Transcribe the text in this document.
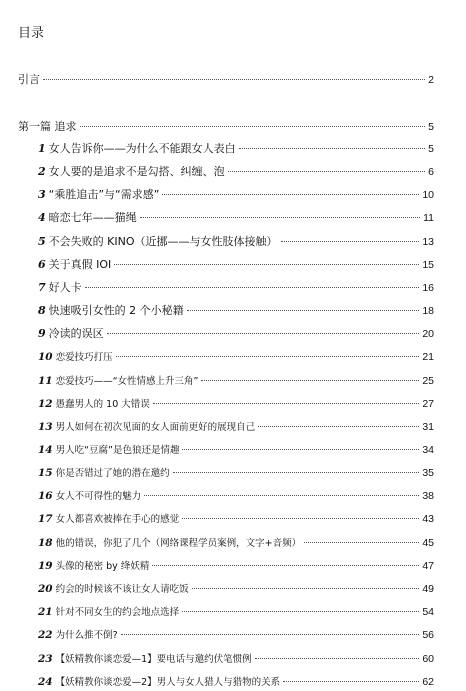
目录
引言	2
第一篇 追求	5
1 女人告诉你——为什么不能跟女人表白	5
2 女人要的是追求不是勾搭、纠缠、泡	6
3 “乘胜追击”与“需求感”	10
4 暗恋七年——猫绳	11
5 不会失败的 KINO（近挪——与女性肢体接触）	13
6 关于真假 IOI	15
7 好人卡	16
8 快速吸引女性的 2 个小秘籍	18
9 冷读的误区	20
10 恋爱技巧打压	21
11 恋爱技巧——“女性情感上升三角”	25
12 愚蠢男人的 10 大错误	27
13 男人如何在初次见面的女人面前更好的展现自己	31
14 男人吃“豆腐”是色狼还是情趣	34
15 你是否错过了她的潜在邀约	35
16 女人不可得性的魅力	38
17 女人都喜欢被捧在手心的感觉	43
18 他的错误，你犯了几个（网络课程学员案例，文字+音频）	45
19 头像的秘密 by 绛妖精	47
20 约会的时候该不该让女人请吃饭	49
21 针对不同女生的约会地点选择	54
22 为什么推不倒?	56
23 【妖精教你谈恋爱—1】要电话与邀约伏笔惯例	60
24 【妖精教你谈恋爱—2】男人与女人猎人与猎物的关系	62
